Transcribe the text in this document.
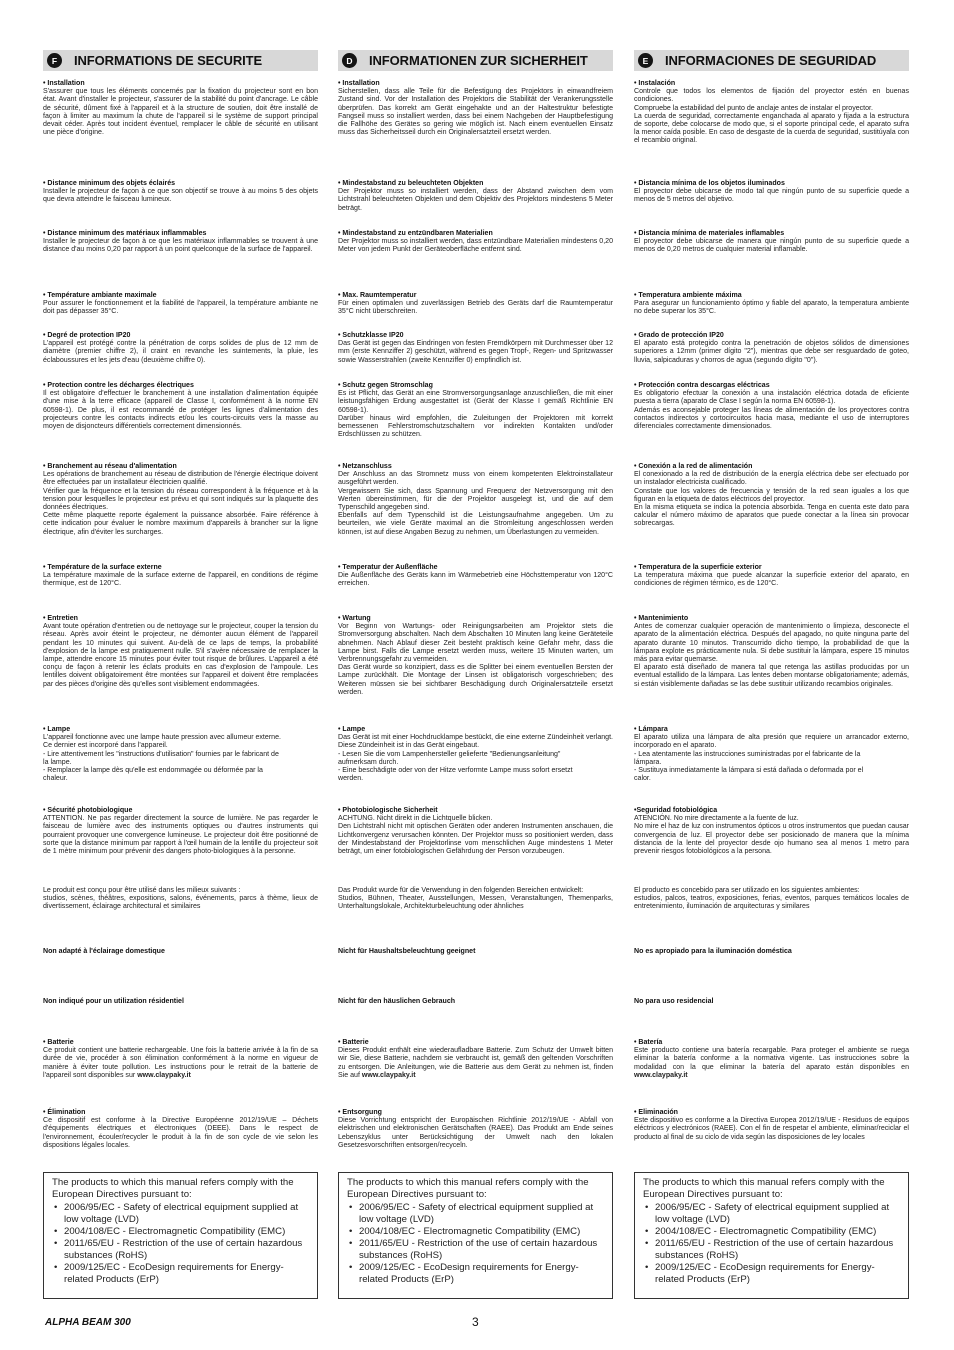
F	INFORMATIONS DE SECURITE
• Installation
S'assurer que tous les éléments concernés par la fixation du projecteur sont en bon état. Avant d'installer le projecteur, s'assurer de la stabilité du point d'ancrage. Le câble de sécurité, dûment fixé à l'appareil et à la structure de soutien, doit être installé de façon à limiter au maximum la chute de l'appareil si le système de support principal devait céder. Après tout incident éventuel, remplacer le câble de sécurité en utilisant une pièce d'origine.
• Distance minimum des objets éclairés
Installer le projecteur de façon à ce que son objectif se trouve à au moins 5 des objets que devra atteindre le faisceau lumineux.
• Distance minimum des matériaux inflammables
Installer le projecteur de façon à ce que les matériaux inflammables se trouvent à une distance d'au moins 0,20 par rapport à un point quelconque de la surface de l'appareil.
• Température ambiante maximale
Pour assurer le fonctionnement et la fiabilité de l'appareil, la température ambiante ne doit pas dépasser 35°C.
• Degré de protection IP20
L'appareil est protégé contre la pénétration de corps solides de plus de 12 mm de diamètre (premier chiffre 2), il craint en revanche les suintements, la pluie, les éclaboussures et les jets d'eau (deuxième chiffre 0).
• Protection contre les décharges électriques
Il est obligatoire d'effectuer le branchement à une installation d'alimentation équipée d'une mise à la terre efficace (appareil de Classe I, conformément à la norme EN 60598-1). De plus, il est recommandé de protéger les lignes d'alimentation des projecteurs contre les contacts indirects et/ou les courts-circuits vers la masse au moyen de disjoncteurs différentiels correctement dimensionnés.
• Branchement au réseau d'alimentation
Les opérations de branchement au réseau de distribution de l'énergie électrique doivent être effectuées par un installateur électricien qualifié.
Vérifier que la fréquence et la tension du réseau correspondent à la fréquence et à la tension pour lesquelles le projecteur est prévu et qui sont indiqués sur la plaquette des données électriques.
Cette même plaquette reporte également la puissance absorbée. Faire référence à cette indication pour évaluer le nombre maximum d'appareils à brancher sur la ligne électrique, afin d'éviter les surcharges.
• Température de la surface externe
La température maximale de la surface externe de l'appareil, en conditions de régime thermique, est de 120°C.
• Entretien
Avant toute opération d'entretien ou de nettoyage sur le projecteur, couper la tension du réseau. Après avoir éteint le projecteur, ne démonter aucun élément de l'appareil pendant les 10 minutes qui suivent. Au-delà de ce laps de temps, la probabilité d'explosion de la lampe est pratiquement nulle. S'il s'avère nécessaire de remplacer la lampe, attendre encore 15 minutes pour éviter tout risque de brûlures. L'appareil a été conçu de façon à retenir les éclats produits en cas d'explosion de l'ampoule. Les lentilles doivent obligatoirement être montées sur l'appareil et doivent être remplacées par des pièces d'origine dès qu'elles sont visiblement endommagées.
• Lampe
L'appareil fonctionne avec une lampe haute pression avec allumeur externe.
Ce dernier est incorporé dans l'appareil.
- Lire attentivement les "instructions d'utilisation" fournies par le fabricant de
la lampe.
- Remplacer la lampe dès qu'elle est endommagée ou déformée par la
chaleur.
• Sécurité photobiologique
ATTENTION. Ne pas regarder directement la source de lumière. Ne pas regarder le faisceau de lumière avec des instruments optiques ou d'autres instruments qui pourraient provoquer une convergence lumineuse. Le projecteur doit être positionné de sorte que la distance minimum par rapport à l'œil humain de la lentille du projecteur soit de 1 mètre minimum pour prévenir des dangers photo-biologiques à la personne.
Le produit est conçu pour être utilisé dans les milieux suivants :
studios, scènes, théâtres, expositions, salons, événements, parcs à thème, lieux de divertissement, éclairage architectural et similaires
Non adapté à l'éclairage domestique
Non indiqué pour un utilization résidentiel
• Batterie
Ce produit contient une batterie rechargeable. Une fois la batterie arrivée à la fin de sa durée de vie, procéder à son élimination conformément à la norme en vigueur de manière à éviter toute pollution. Les instructions pour le retrait de la batterie de l'appareil sont disponibles sur www.claypaky.it
• Élimination
Ce dispositif est conforme à la Directive Européenne 2012/19/UE – Déchets d'équipements électriques et électroniques (DEEE). Dans le respect de l'environnement, écouler/recycler le produit à la fin de son cycle de vie selon les dispositions légales locales.
The products to which this manual refers comply with the European Directives pursuant to:
• 2006/95/EC - Safety of electrical equipment supplied at low voltage (LVD)
• 2004/108/EC - Electromagnetic Compatibility (EMC)
• 2011/65/EU - Restriction of the use of certain hazardous substances (RoHS)
• 2009/125/EC - EcoDesign requirements for Energy-related Products (ErP)
D	INFORMATIONEN ZUR SICHERHEIT
• Installation
Sicherstellen, dass alle Teile für die Befestigung des Projektors in einwandfreiem Zustand sind. Vor der Installation des Projektors die Stabilität der Verankerungsstelle überprüfen. Das korrekt am Gerät eingehakte und an der Haltestruktur befestigte Fangseil muss so installiert werden, dass bei einem Nachgeben der Hauptbefestigung die Fallhöhe des Gerätes so gering wie möglich ist. Nach einem eventuellen Einsatz muss das Sicherheitsseil durch ein Originalersatzteil ersetzt werden.
• Mindestabstand zu beleuchteten Objekten
Der Projektor muss so installiert werden, dass der Abstand zwischen dem vom Lichtstrahl beleuchteten Objekten und dem Objektiv des Projektors mindestens 5 Meter beträgt.
• Mindestabstand zu entzündbaren Materialien
Der Projektor muss so installiert werden, dass entzündbare Materialien mindestens 0,20 Meter von jedem Punkt der Geräteoberfläche entfernt sind.
• Max. Raumtemperatur
Für einen optimalen und zuverlässigen Betrieb des Geräts darf die Raumtemperatur 35°C nicht überschreiten.
• Schutzklasse IP20
Das Gerät ist gegen das Eindringen von festen Fremdkörpern mit Durchmesser über 12 mm (erste Kennziffer 2) geschützt, während es gegen Tropf-, Regen- und Spritzwasser sowie Wasserstrahlen (zweite Kennziffer 0) empfindlich ist.
• Schutz gegen Stromschlag
Es ist Pflicht, das Gerät an eine Stromversorgungsanlage anzuschließen, die mit einer leistungsfähigen Erdung ausgestattet ist (Gerät der Klasse I gemäß Richtlinie EN 60598-1).
Darüber hinaus wird empfohlen, die Zuleitungen der Projektoren mit korrekt bemessenen Fehlerstromschutzschaltern vor indirekten Kontakten und/oder Erdschlüssen zu schützen.
• Netzanschluss
Der Anschluss an das Stromnetz muss von einem kompetenten Elektroinstallateur ausgeführt werden.
Vergewissern Sie sich, dass Spannung und Frequenz der Netzversorgung mit den Werten übereinstimmen, für die der Projektor ausgelegt ist, und die auf dem Typenschild angegeben sind.
Ebenfalls auf dem Typenschild ist die Leistungsaufnahme angegeben. Um zu beurteilen, wie viele Geräte maximal an die Stromleitung angeschlossen werden können, ist auf diese Angaben Bezug zu nehmen, um Überlastungen zu vermeiden.
• Temperatur der Außenfläche
Die Außenfläche des Geräts kann im Wärmebetrieb eine Höchsttemperatur von 120°C erreichen.
• Wartung
Vor Beginn von Wartungs- oder Reinigungsarbeiten am Projektor stets die Stromversorgung abschalten. Nach dem Abschalten 10 Minuten lang keine Geräteteile abnehmen. Nach Ablauf dieser Zeit besteht praktisch keine Gefahr mehr, dass die Lampe birst. Falls die Lampe ersetzt werden muss, weitere 15 Minuten warten, um Verbrennungsgefahr zu vermeiden.
Das Gerät wurde so konzipiert, dass es die Splitter bei einem eventuellen Bersten der Lampe zurückhält. Die Montage der Linsen ist obligatorisch vorgeschrieben; des Weiteren müssen sie bei sichtbarer Beschädigung durch Originalersatzteile ersetzt werden.
• Lampe
Das Gerät ist mit einer Hochdrucklampe bestückt, die eine externe Zündeinheit verlangt. Diese Zündeinheit ist in das Gerät eingebaut.
- Lesen Sie die vom Lampenhersteller gelieferte "Bedienungsanleitung"
aufmerksam durch.
- Eine beschädigte oder von der Hitze verformte Lampe muss sofort ersetzt
werden.
• Photobiologische Sicherheit
ACHTUNG. Nicht direkt in die Lichtquelle blicken.
Den Lichtstrahl nicht mit optischen Geräten oder anderen Instrumenten anschauen, die Lichtkonvergenz verursachen könnten. Der Projektor muss so positioniert werden, dass der Mindestabstand der Projektorlinse vom menschlichen Auge mindestens 1 Meter beträgt, um einer fotobiologischen Gefährdung der Person vorzubeugen.
Das Produkt wurde für die Verwendung in den folgenden Bereichen entwickelt:
Studios, Bühnen, Theater, Ausstellungen, Messen, Veranstaltungen, Themenparks, Unterhaltungslokale, Architekturbeleuchtung oder ähnliches
Nicht für Haushaltsbeleuchtung geeignet
Nicht für den häuslichen Gebrauch
• Batterie
Dieses Produkt enthält eine wiederaufladbare Batterie. Zum Schutz der Umwelt bitten wir Sie, diese Batterie, nachdem sie verbraucht ist, gemäß den geltenden Vorschriften zu entsorgen. Die Anleitungen, wie die Batterie aus dem Gerät zu nehmen ist, finden Sie auf www.claypaky.it
• Entsorgung
Diese Vorrichtung entspricht der Europäischen Richtlinie 2012/19/UE - Abfall von elektrischen und elektronischen Gerätschaften (RAEE). Das Produkt am Ende seines Lebenszyklus unter Berücksichtigung der Umwelt nach den lokalen Gesetzesvorschriften entsorgen/recyceln.
The products to which this manual refers comply with the European Directives pursuant to:
• 2006/95/EC - Safety of electrical equipment supplied at low voltage (LVD)
• 2004/108/EC - Electromagnetic Compatibility (EMC)
• 2011/65/EU - Restriction of the use of certain hazardous substances (RoHS)
• 2009/125/EC - EcoDesign requirements for Energy-related Products (ErP)
E	INFORMACIONES DE SEGURIDAD
• Instalación
Controle que todos los elementos de fijación del proyector estén en buenas condiciones.
Compruebe la estabilidad del punto de anclaje antes de instalar el proyector.
La cuerda de seguridad, correctamente enganchada al aparato y fijada a la estructura de soporte, debe colocarse de modo que, si el soporte principal cede, el aparato sufra la menor caída posible. En caso de desgaste de la cuerda de seguridad, sustitúyala con el recambio original.
• Distancia mínima de los objetos iluminados
El proyector debe ubicarse de modo tal que ningún punto de su superficie quede a menos de 5 metros del objetivo.
• Distancia mínima de materiales inflamables
El proyector debe ubicarse de manera que ningún punto de su superficie quede a menos de 0,20 metros de cualquier material inflamable.
• Temperatura ambiente máxima
Para asegurar un funcionamiento óptimo y fiable del aparato, la temperatura ambiente no debe superar los 35°C.
• Grado de protección IP20
El aparato está protegido contra la penetración de objetos sólidos de dimensiones superiores a 12mm (primer dígito "2"), mientras que debe ser resguardado de goteo, lluvia, salpicaduras y chorros de agua (segundo dígito "0").
• Protección contra descargas eléctricas
Es obligatorio efectuar la conexión a una instalación eléctrica dotada de eficiente puesta a tierra (aparato de Clase I según la norma EN 60598-1).
Además es aconsejable proteger las líneas de alimentación de los proyectores contra contactos indirectos y cortocircuitos hacia masa, mediante el uso de interruptores diferenciales correctamente dimensionados.
• Conexión a la red de alimentación
El conexionado a la red de distribución de la energía eléctrica debe ser efectuado por un instalador electricista cualificado.
Constate que los valores de frecuencia y tensión de la red sean iguales a los que figuran en la etiqueta de datos eléctricos del proyector.
En la misma etiqueta se indica la potencia absorbida. Tenga en cuenta este dato para calcular el número máximo de aparatos que puede conectar a la línea sin provocar sobrecargas.
• Temperatura de la superficie exterior
La temperatura máxima que puede alcanzar la superficie exterior del aparato, en condiciones de régimen térmico, es de 120°C.
• Mantenimiento
Antes de comenzar cualquier operación de mantenimiento o limpieza, desconecte el aparato de la alimentación eléctrica. Después del apagado, no quite ninguna parte del aparato durante 10 minutos. Transcurrido dicho tiempo, la probabilidad de que la lámpara explote es prácticamente nula. Si debe sustituir la lámpara, espere 15 minutos más para evitar quemarse.
El aparato está diseñado de manera tal que retenga las astillas producidas por un eventual estallido de la lámpara. Las lentes deben montarse obligatoriamente; además, si están visiblemente dañadas se las debe sustituir utilizando recambios originales.
• Lámpara
El aparato utiliza una lámpara de alta presión que requiere un arrancador externo, incorporado en el aparato.
- Lea atentamente las instrucciones suministradas por el fabricante de la
lámpara.
- Sustituya inmediatamente la lámpara si está dañada o deformada por el
calor.
•Seguridad fotobiológica
ATENCIÓN. No mire directamente a la fuente de luz.
No mire el haz de luz con instrumentos ópticos u otros instrumentos que puedan causar convergencia de luz. El proyector debe ser posicionado de manera que la mínima distancia de la lente del proyector desde ojo humano sea al menos 1 metro para prevenir riesgos fotobiológicos a la persona.
El producto es concebido para ser utilizado en los siguientes ambientes:
estudios, palcos, teatros, exposiciones, ferias, eventos, parques temáticos locales de entretenimiento, iluminación de arquitecturas y similares
No es apropiado para la iluminación doméstica
No para uso residencial
• Batería
Este producto contiene una batería recargable. Para proteger el ambiente se ruega eliminar la batería conforme a la normativa vigente. Las instrucciones sobre la modalidad con la que eliminar la batería del aparato están disponibles en www.claypaky.it
• Eliminación
Este dispositivo es conforme a la Directiva Europea 2012/19/UE - Residuos de equipos eléctricos y electrónicos (RAEE). Con el fin de respetar el ambiente, eliminar/reciclar el producto al final de su ciclo de vida según las disposiciones de ley locales
The products to which this manual refers comply with the European Directives pursuant to:
• 2006/95/EC - Safety of electrical equipment supplied at low voltage (LVD)
• 2004/108/EC - Electromagnetic Compatibility (EMC)
• 2011/65/EU - Restriction of the use of certain hazardous substances (RoHS)
• 2009/125/EC - EcoDesign requirements for Energy-related Products (ErP)
ALPHA BEAM 300	3
